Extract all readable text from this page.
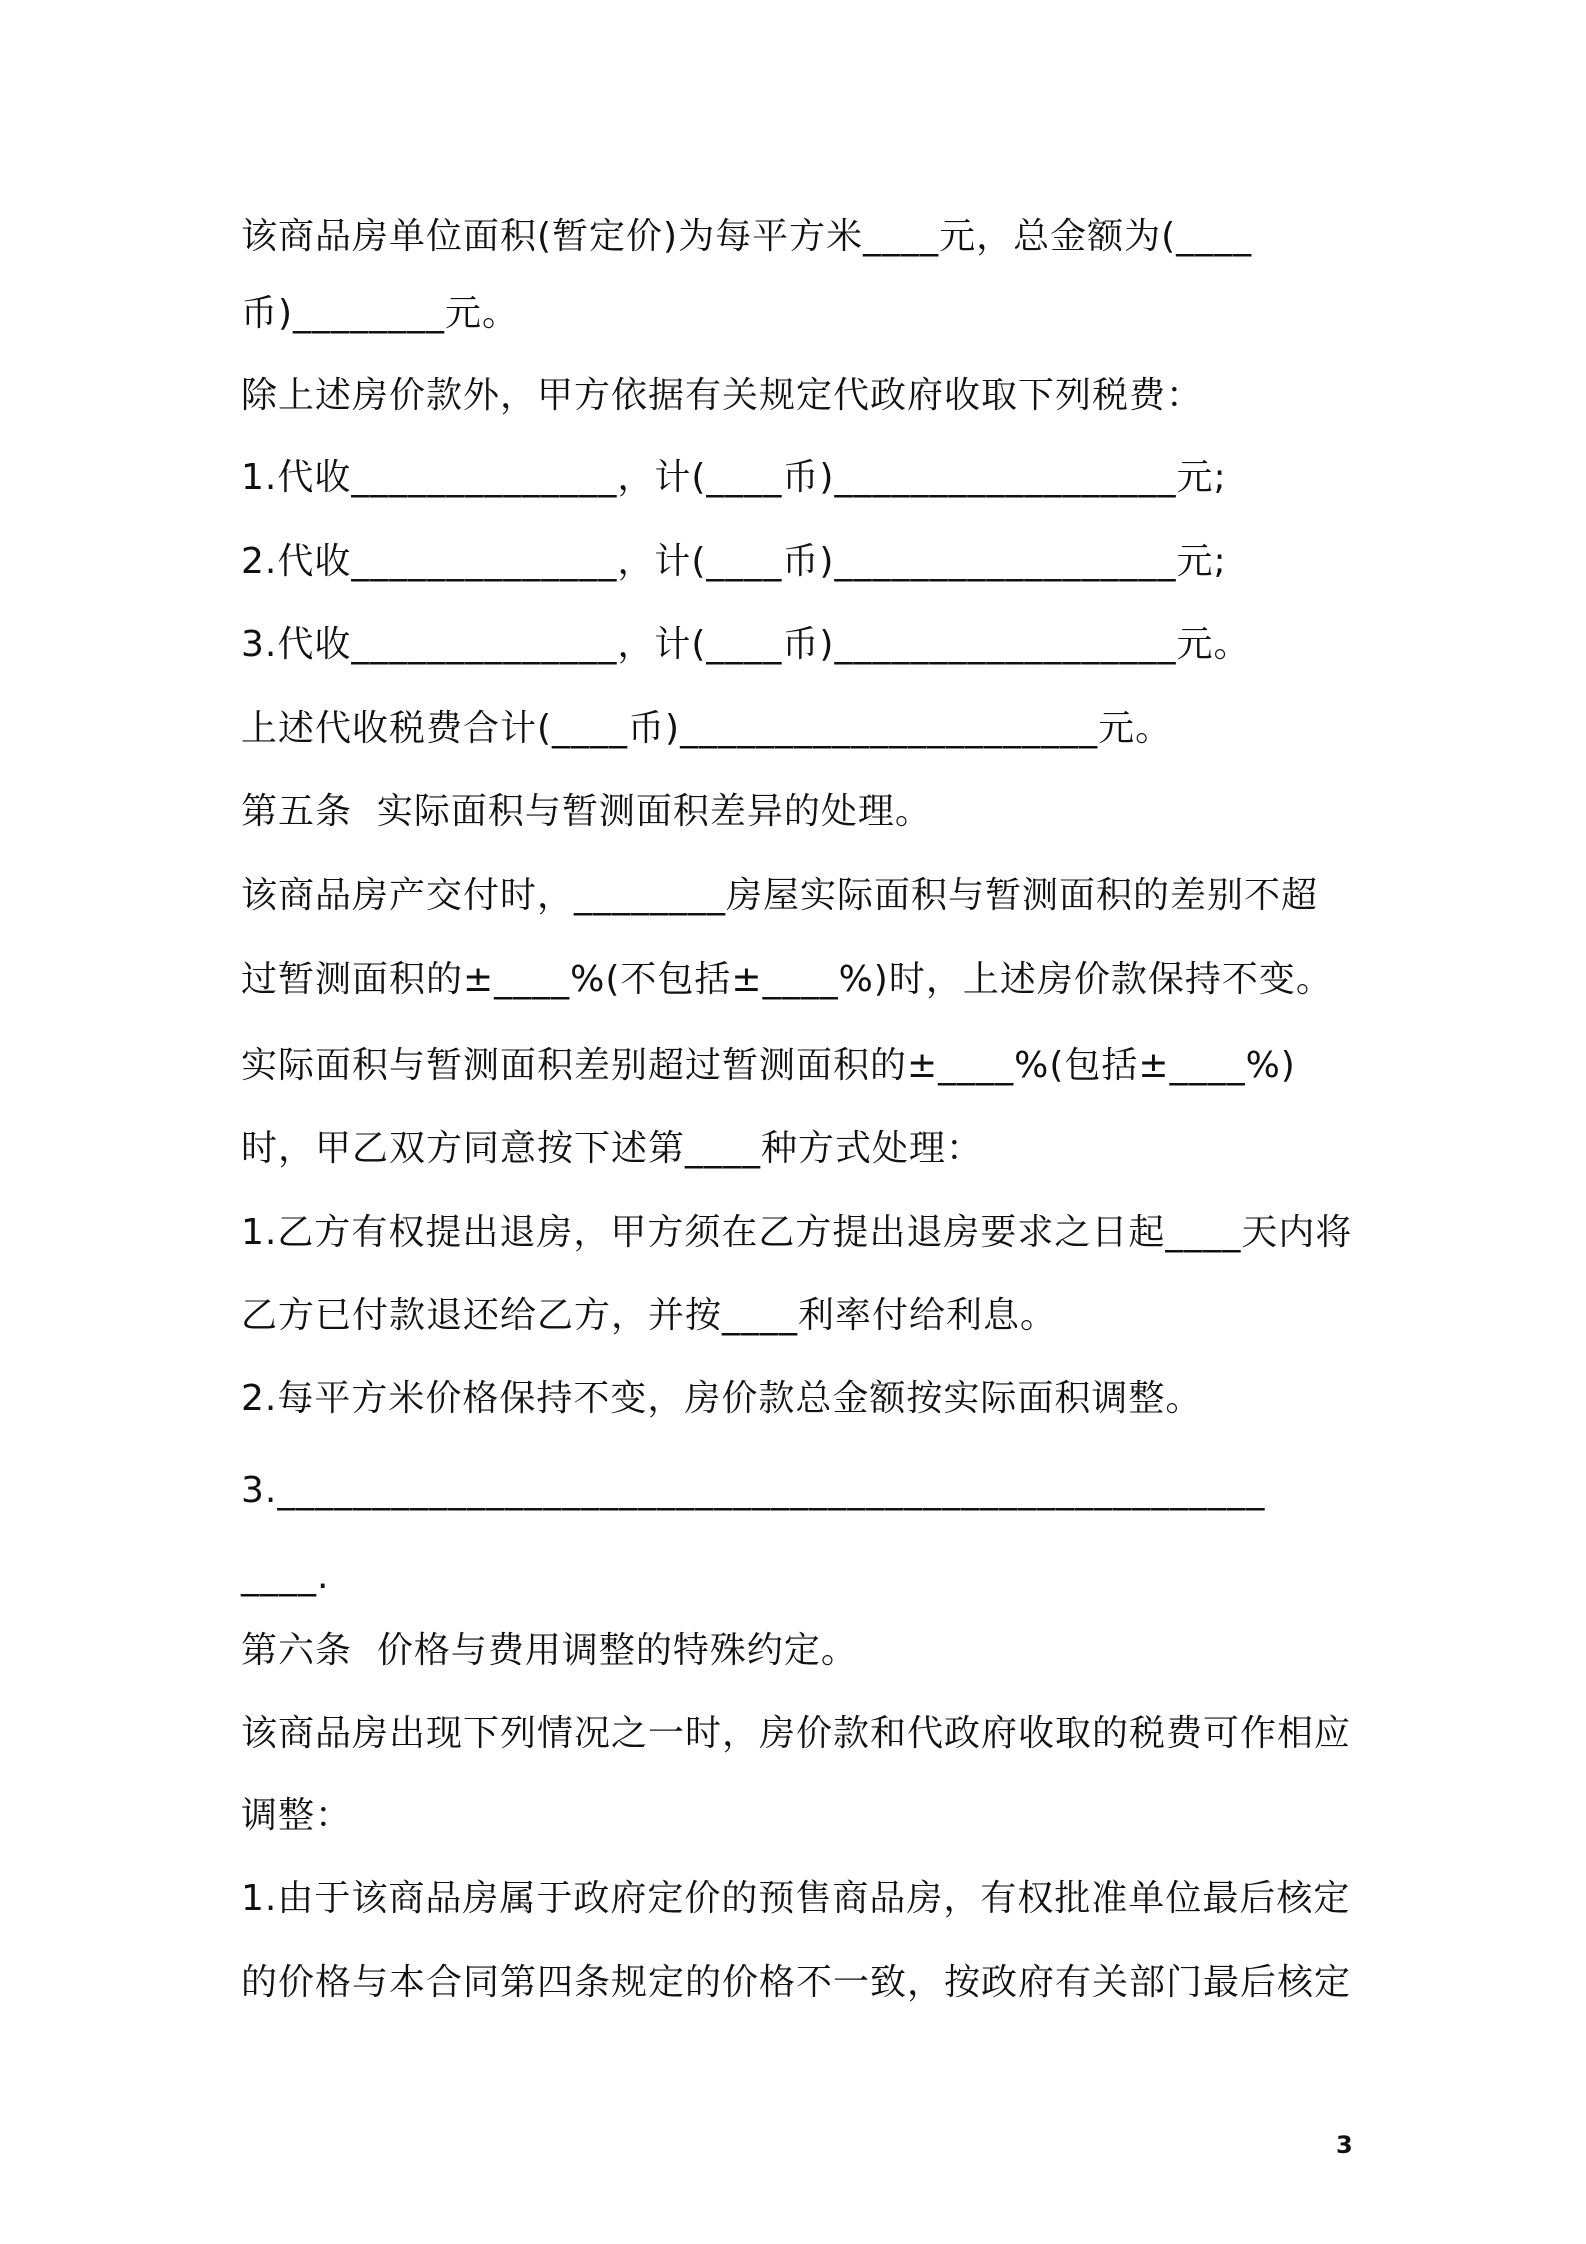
该商品房单位面积(暂定价)为每平方米____元，总金额为(____
币)________元。
除上述房价款外，甲方依据有关规定代政府收取下列税费：
1.代收______________，计(____币)__________________元;
2.代收______________，计(____币)__________________元;
3.代收______________，计(____币)__________________元。
上述代收税费合计(____币)______________________元。
第五条  实际面积与暂测面积差异的处理。
该商品房产交付时，________房屋实际面积与暂测面积的差别不超
过暂测面积的±____%(不包括±____%)时，上述房价款保持不变。
实际面积与暂测面积差别超过暂测面积的±____%(包括±____%)
时，甲乙双方同意按下述第____种方式处理：
1.乙方有权提出退房，甲方须在乙方提出退房要求之日起____天内将
乙方已付款退还给乙方，并按____利率付给利息。
2.每平方米价格保持不变，房价款总金额按实际面积调整。
3.____________________________________________________
____.
第六条  价格与费用调整的特殊约定。
该商品房出现下列情况之一时，房价款和代政府收取的税费可作相应
调整：
1.由于该商品房属于政府定价的预售商品房，有权批准单位最后核定
的价格与本合同第四条规定的价格不一致，按政府有关部门最后核定
3
